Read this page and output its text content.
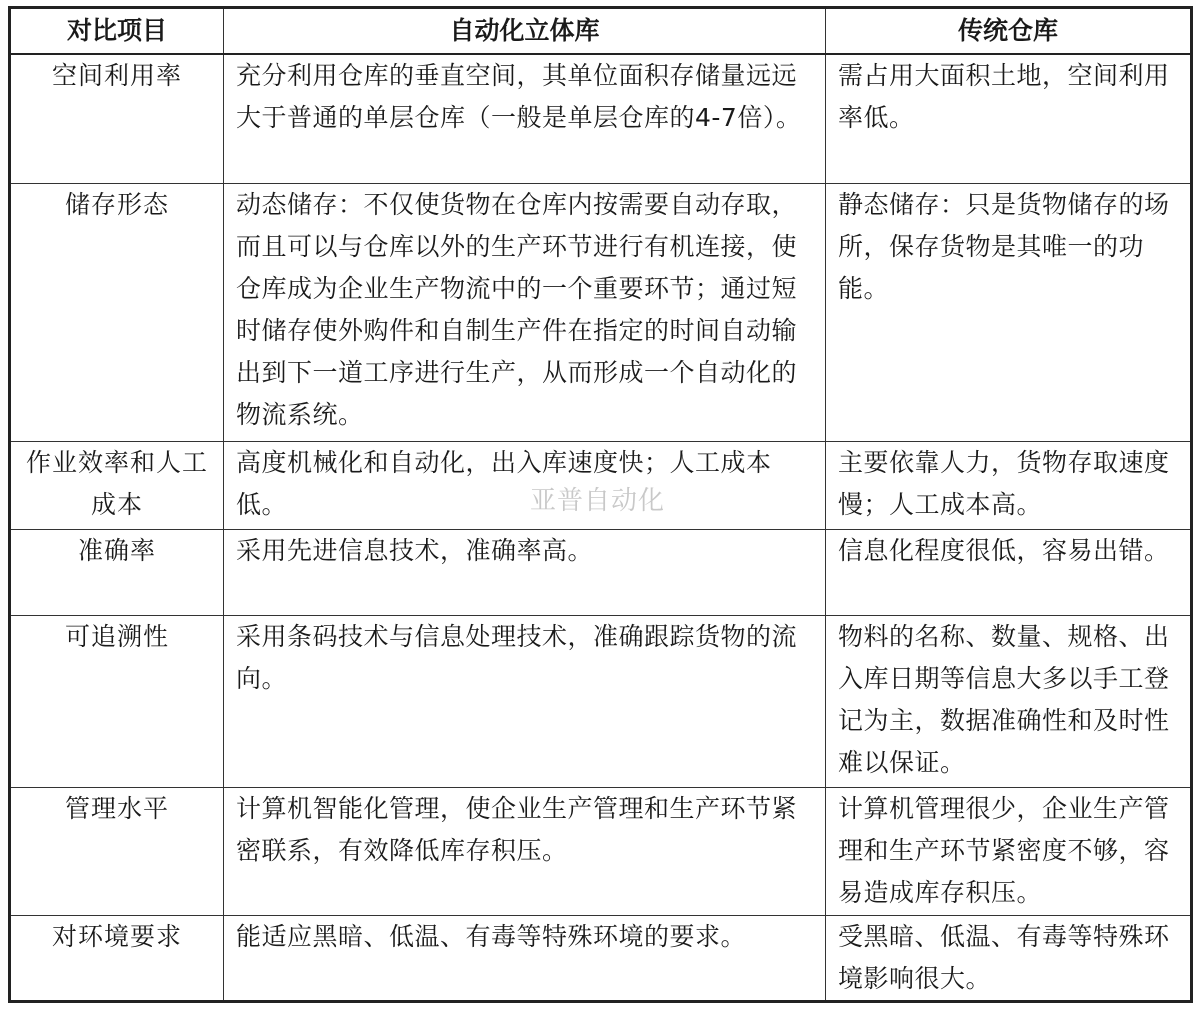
对比项目	自动化立体库	传统仓库
空间利用率	充分利用仓库的垂直空间，其单位面积存储量远远大于普通的单层仓库（一般是单层仓库的4-7倍）。	需占用大面积土地，空间利用率低。
储存形态	动态储存：不仅使货物在仓库内按需要自动存取，而且可以与仓库以外的生产环节进行有机连接，使仓库成为企业生产物流中的一个重要环节；通过短时储存使外购件和自制生产件在指定的时间自动输出到下一道工序进行生产，从而形成一个自动化的物流系统。	静态储存：只是货物储存的场所，保存货物是其唯一的功能。
作业效率和人工成本	高度机械化和自动化，出入库速度快；人工成本低。	主要依靠人力，货物存取速度慢；人工成本高。
准确率	采用先进信息技术，准确率高。	信息化程度很低，容易出错。
可追溯性	采用条码技术与信息处理技术，准确跟踪货物的流向。	物料的名称、数量、规格、出入库日期等信息大多以手工登记为主，数据准确性和及时性难以保证。
管理水平	计算机智能化管理，使企业生产管理和生产环节紧密联系，有效降低库存积压。	计算机管理很少，企业生产管理和生产环节紧密度不够，容易造成库存积压。
对环境要求	能适应黑暗、低温、有毒等特殊环境的要求。	受黑暗、低温、有毒等特殊环境影响很大。
亚普自动化
